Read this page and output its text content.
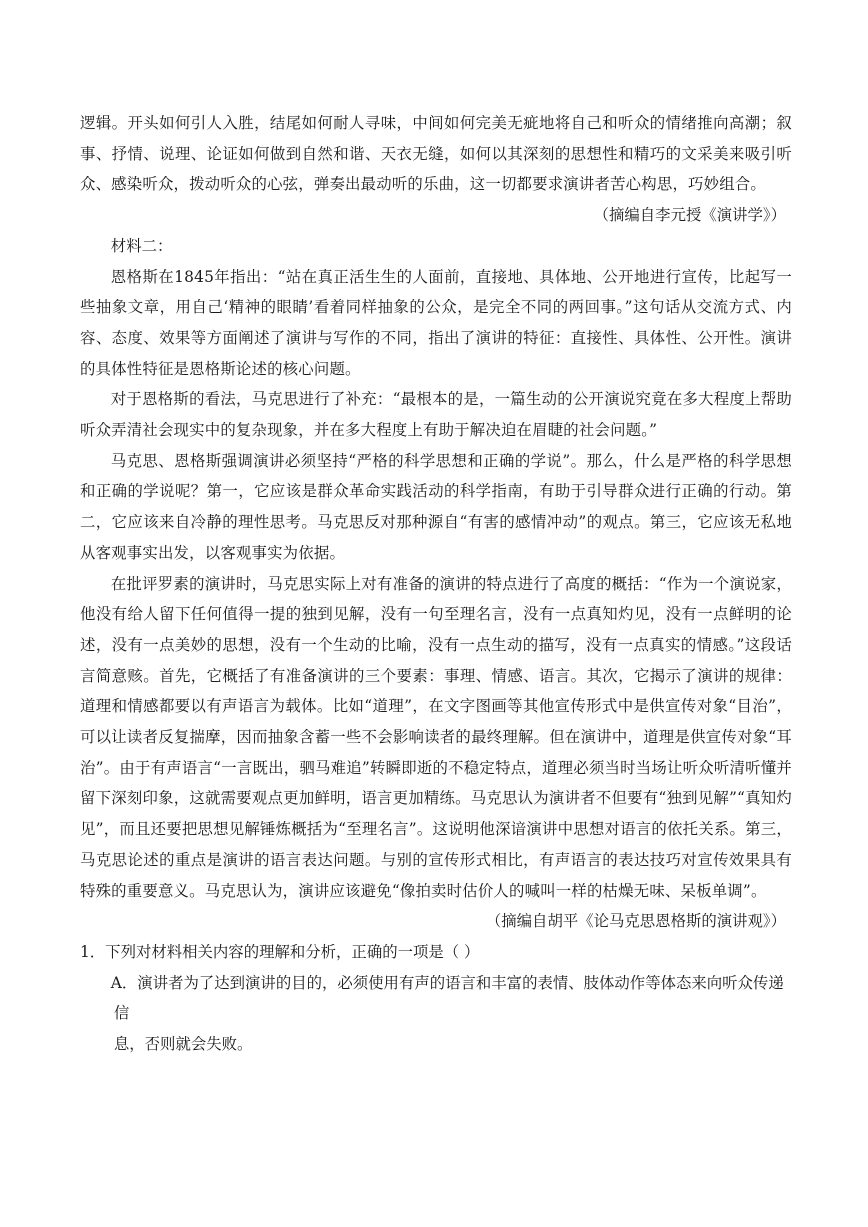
逻辑。开头如何引人入胜，结尾如何耐人寻味，中间如何完美无疵地将自己和听众的情绪推向高潮；叙事、抒情、说理、论证如何做到自然和谐、天衣无缝，如何以其深刻的思想性和精巧的文采美来吸引听众、感染听众，拨动听众的心弦，弹奏出最动听的乐曲，这一切都要求演讲者苦心构思，巧妙组合。

（摘编自李元授《演讲学》）

材料二：

恩格斯在1845年指出：“站在真正活生生的人面前，直接地、具体地、公开地进行宣传，比起写一些抽象文章，用自己‘精神的眼睛’看着同样抽象的公众，是完全不同的两回事。”这句话从交流方式、内容、态度、效果等方面阐述了演讲与写作的不同，指出了演讲的特征：直接性、具体性、公开性。演讲的具体性特征是恩格斯论述的核心问题。

对于恩格斯的看法，马克思进行了补充：“最根本的是，一篇生动的公开演说究竟在多大程度上帮助听众弄清社会现实中的复杂现象，并在多大程度上有助于解决迫在眉睫的社会问题。”

马克思、恩格斯强调演讲必须坚持“严格的科学思想和正确的学说”。那么，什么是严格的科学思想和正确的学说呢？第一，它应该是群众革命实践活动的科学指南，有助于引导群众进行正确的行动。第二，它应该来自冷静的理性思考。马克思反对那种源自“有害的感情冲动”的观点。第三，它应该无私地从客观事实出发，以客观事实为依据。

在批评罗素的演讲时，马克思实际上对有准备的演讲的特点进行了高度的概括：“作为一个演说家，他没有给人留下任何值得一提的独到见解，没有一句至理名言，没有一点真知灼见，没有一点鲜明的论述，没有一点美妙的思想，没有一个生动的比喻，没有一点生动的描写，没有一点真实的情感。”这段话言简意赅。首先，它概括了有准备演讲的三个要素：事理、情感、语言。其次，它揭示了演讲的规律：道理和情感都要以有声语言为载体。比如“道理”，在文字图画等其他宣传形式中是供宣传对象“目治”，可以让读者反复揣摩，因而抽象含蓄一些不会影响读者的最终理解。但在演讲中，道理是供宣传对象“耳治”。由于有声语言“一言既出，驷马难追”转瞬即逝的不稳定特点，道理必须当时当场让听众听清听懂并留下深刻印象，这就需要观点更加鲜明，语言更加精练。马克思认为演讲者不但要有“独到见解”“真知灼见”，而且还要把思想见解锤炼概括为“至理名言”。这说明他深谙演讲中思想对语言的依托关系。第三，马克思论述的重点是演讲的语言表达问题。与别的宣传形式相比，有声语言的表达技巧对宣传效果具有特殊的重要意义。马克思认为，演讲应该避免“像拍卖时估价人的喊叫一样的枯燥无味、呆板单调”。

（摘编自胡平《论马克思恩格斯的演讲观》）

1．下列对材料相关内容的理解和分析，正确的一项是（ ）

A．演讲者为了达到演讲的目的，必须使用有声的语言和丰富的表情、肢体动作等体态来向听众传递信

息，否则就会失败。
